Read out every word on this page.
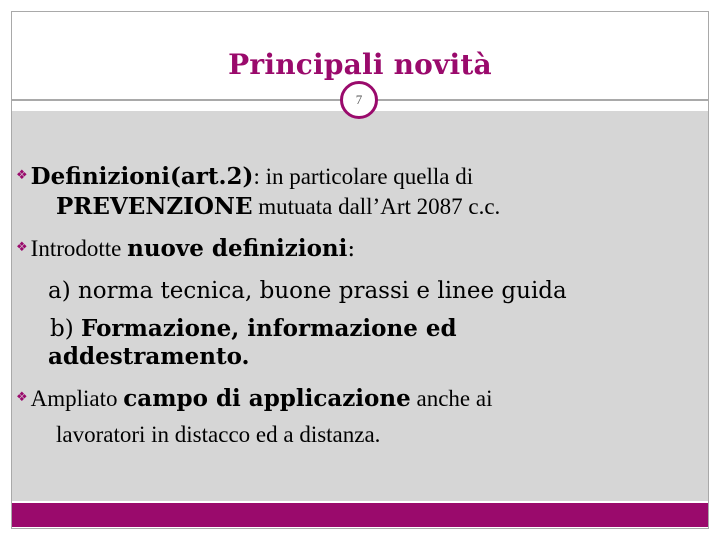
Principali novità
❖ Definizioni(art.2): in particolare quella di
PREVENZIONE mutuata dall’Art 2087 c.c.
❖ Introdotte nuove definizioni:
a) norma tecnica, buone prassi e linee guida
b) Formazione, informazione ed
addestramento.
❖ Ampliato campo di applicazione anche ai
lavoratori in distacco ed a distanza.
7
